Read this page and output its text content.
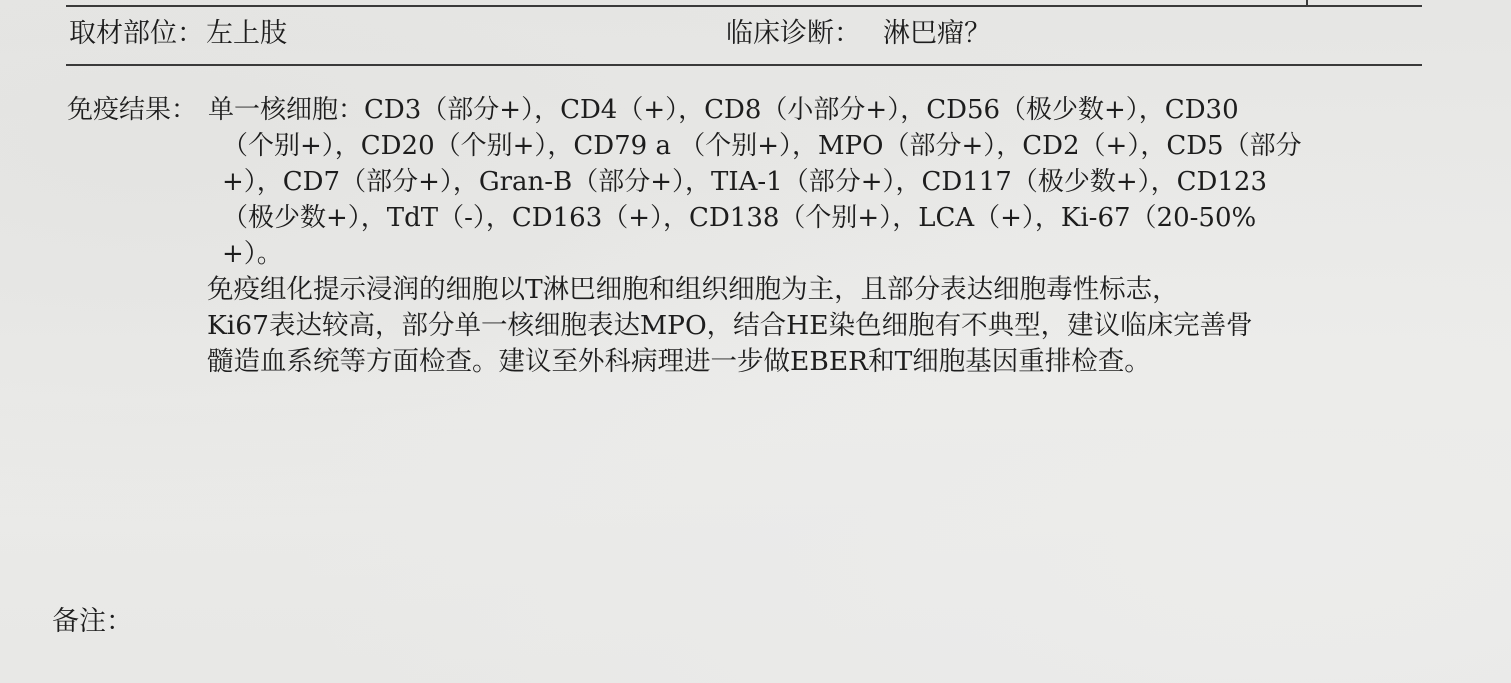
取材部位：左上肢	临床诊断： 淋巴瘤？
免疫结果： 单一核细胞：CD3（部分+），CD4（+），CD8（小部分+），CD56（极少数+），CD30
（个别+），CD20（个别+），CD79 a （个别+），MPO（部分+），CD2（+），CD5（部分
+），CD7（部分+），Gran-B（部分+），TIA-1（部分+），CD117（极少数+），CD123
（极少数+），TdT（-），CD163（+），CD138（个别+），LCA（+），Ki-67（20-50%
+）。
免疫组化提示浸润的细胞以T淋巴细胞和组织细胞为主，且部分表达细胞毒性标志，
Ki67表达较高，部分单一核细胞表达MPO，结合HE染色细胞有不典型，建议临床完善骨
髓造血系统等方面检查。建议至外科病理进一步做EBER和T细胞基因重排检查。
备注：
